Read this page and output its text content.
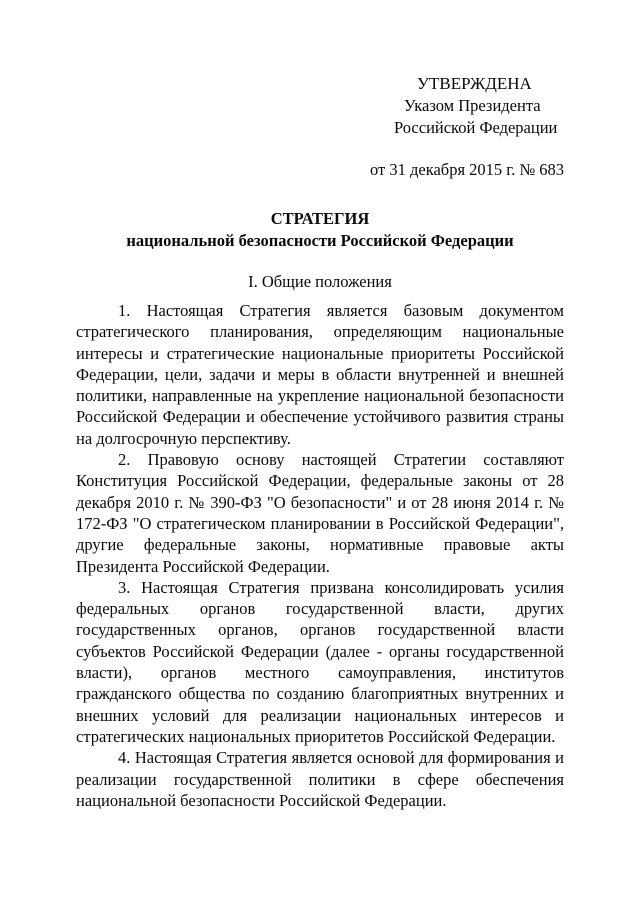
УТВЕРЖДЕНА
Указом Президента
Российской Федерации
от 31 декабря 2015 г. № 683
СТРАТЕГИЯ
национальной безопасности Российской Федерации
I. Общие положения

1. Настоящая Стратегия является базовым документом стратегического планирования, определяющим национальные интересы и стратегические национальные приоритеты Российской Федерации, цели, задачи и меры в области внутренней и внешней политики, направленные на укрепление национальной безопасности Российской Федерации и обеспечение устойчивого развития страны на долгосрочную перспективу.

2. Правовую основу настоящей Стратегии составляют Конституция Российской Федерации, федеральные законы от 28 декабря 2010 г. № 390-ФЗ "О безопасности" и от 28 июня 2014 г. № 172-ФЗ "О стратегическом планировании в Российской Федерации", другие федеральные законы, нормативные правовые акты Президента Российской Федерации.

3. Настоящая Стратегия призвана консолидировать усилия федеральных органов государственной власти, других государственных органов, органов государственной власти субъектов Российской Федерации (далее - органы государственной власти), органов местного самоуправления, институтов гражданского общества по созданию благоприятных внутренних и внешних условий для реализации национальных интересов и стратегических национальных приоритетов Российской Федерации.

4. Настоящая Стратегия является основой для формирования и реализации государственной политики в сфере обеспечения национальной безопасности Российской Федерации.
